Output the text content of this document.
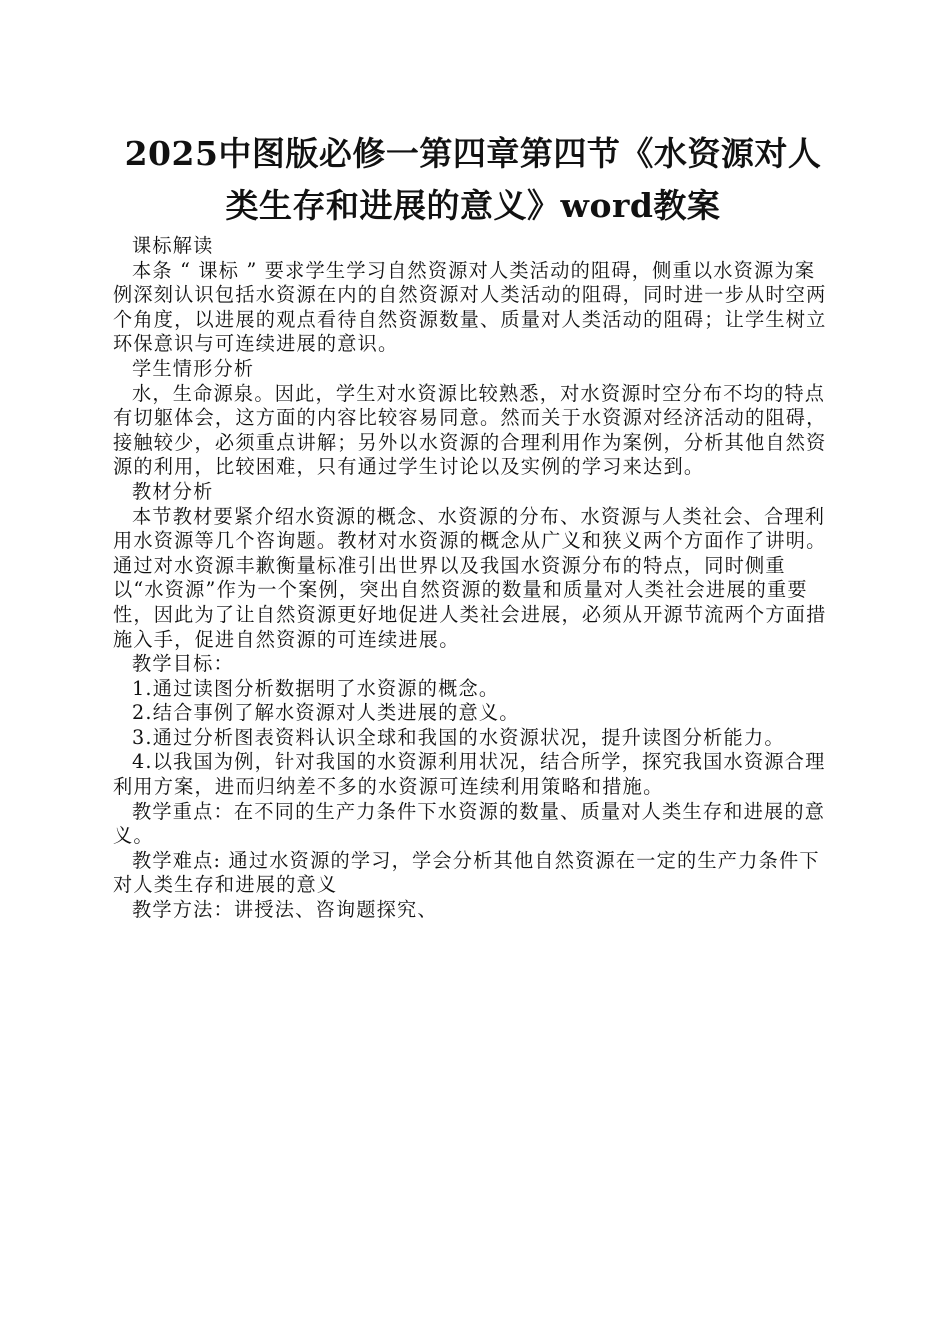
2025中图版必修一第四章第四节《水资源对人类生存和进展的意义》word教案

课标解读

本条 “ 课标 ” 要求学生学习自然资源对人类活动的阻碍，侧重以水资源为案例深刻认识包括水资源在内的自然资源对人类活动的阻碍，同时进一步从时空两个角度，以进展的观点看待自然资源数量、质量对人类活动的阻碍；让学生树立环保意识与可连续进展的意识。

学生情形分析

水，生命源泉。因此，学生对水资源比较熟悉，对水资源时空分布不均的特点有切躯体会，这方面的内容比较容易同意。然而关于水资源对经济活动的阻碍，接触较少，必须重点讲解；另外以水资源的合理利用作为案例，分析其他自然资源的利用，比较困难，只有通过学生讨论以及实例的学习来达到。

教材分析

本节教材要紧介绍水资源的概念、水资源的分布、水资源与人类社会、合理利用水资源等几个咨询题。教材对水资源的概念从广义和狭义两个方面作了讲明。通过对水资源丰歉衡量标准引出世界以及我国水资源分布的特点，同时侧重以“水资源”作为一个案例，突出自然资源的数量和质量对人类社会进展的重要性，因此为了让自然资源更好地促进人类社会进展，必须从开源节流两个方面措施入手，促进自然资源的可连续进展。

教学目标：

1.通过读图分析数据明了水资源的概念。

2.结合事例了解水资源对人类进展的意义。

3.通过分析图表资料认识全球和我国的水资源状况，提升读图分析能力。

4.以我国为例，针对我国的水资源利用状况，结合所学，探究我国水资源合理利用方案，进而归纳差不多的水资源可连续利用策略和措施。

教学重点：在不同的生产力条件下水资源的数量、质量对人类生存和进展的意义。

教学难点: 通过水资源的学习，学会分析其他自然资源在一定的生产力条件下对人类生存和进展的意义

教学方法：讲授法、咨询题探究、
